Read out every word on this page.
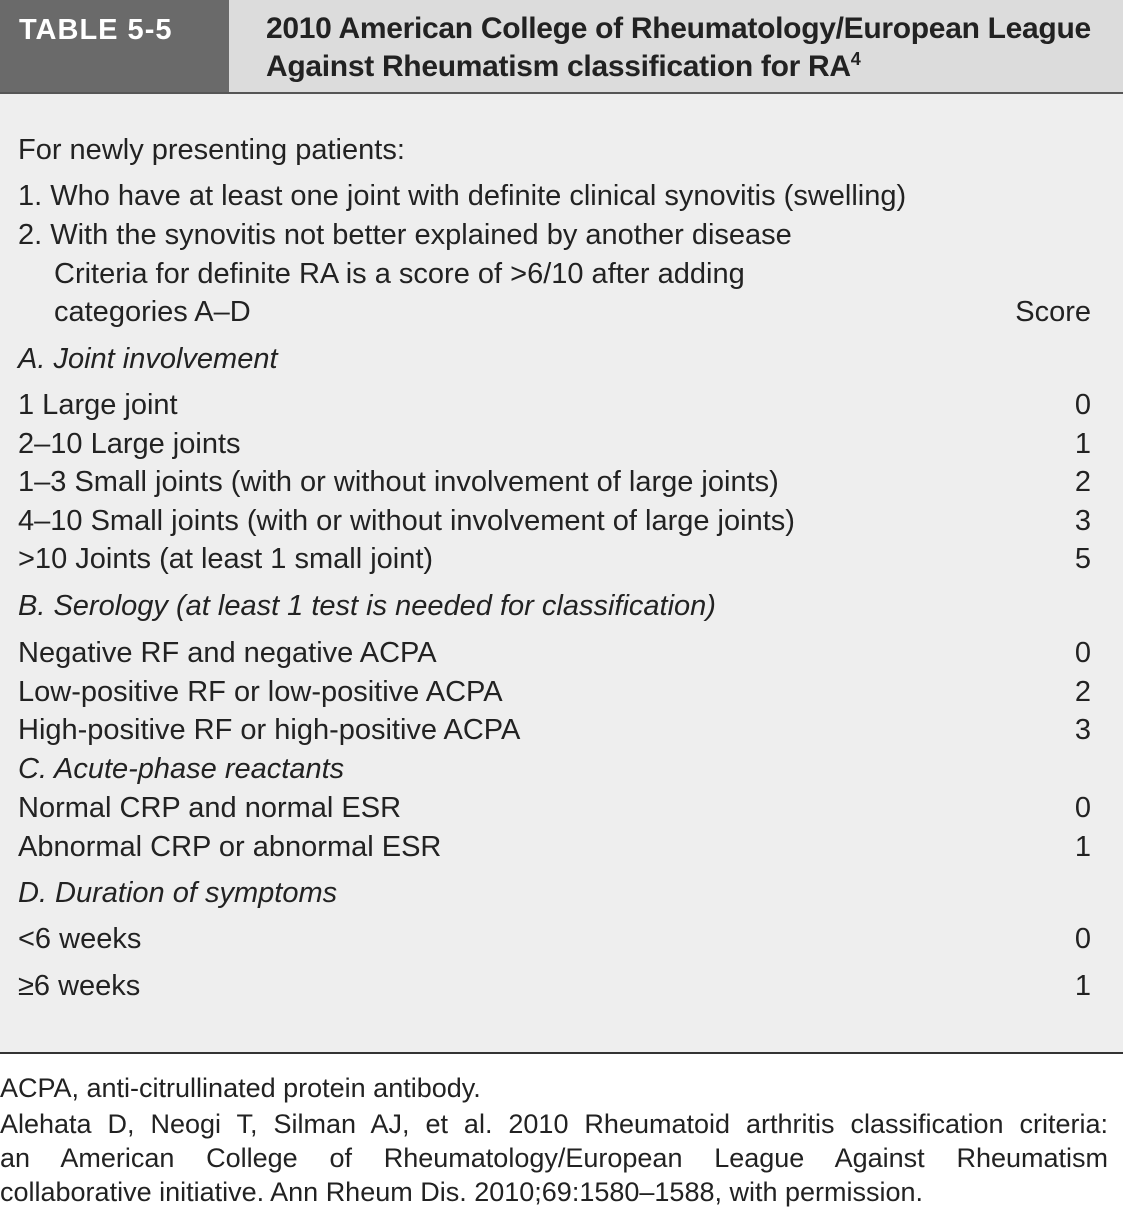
TABLE 5-5	2010 American College of Rheumatology/European League
Against Rheumatism classification for $RA^4$
For newly presenting patients:
1. Who have at least one joint with definite clinical synovitis (swelling)
2. With the synovitis not better explained by another disease
Criteria for definite RA is a score of >6/10 after adding
categories A–D	Score
A. Joint involvement
1 Large joint	0
2–10 Large joints	1
1–3 Small joints (with or without involvement of large joints)	2
4–10 Small joints (with or without involvement of large joints)	3
>10 Joints (at least 1 small joint)	5
B. Serology (at least 1 test is needed for classification)
Negative RF and negative ACPA	0
Low-positive RF or low-positive ACPA	2
High-positive RF or high-positive ACPA	3
C. Acute-phase reactants
Normal CRP and normal ESR	0
Abnormal CRP or abnormal ESR	1
D. Duration of symptoms
<6 weeks	0
≥6 weeks	1
ACPA, anti-citrullinated protein antibody.
Alehata D, Neogi T, Silman AJ, et al. 2010 Rheumatoid arthritis classification criteria:
an American College of Rheumatology/European League Against Rheumatism
collaborative initiative. Ann Rheum Dis. 2010;69:1580–1588, with permission.
